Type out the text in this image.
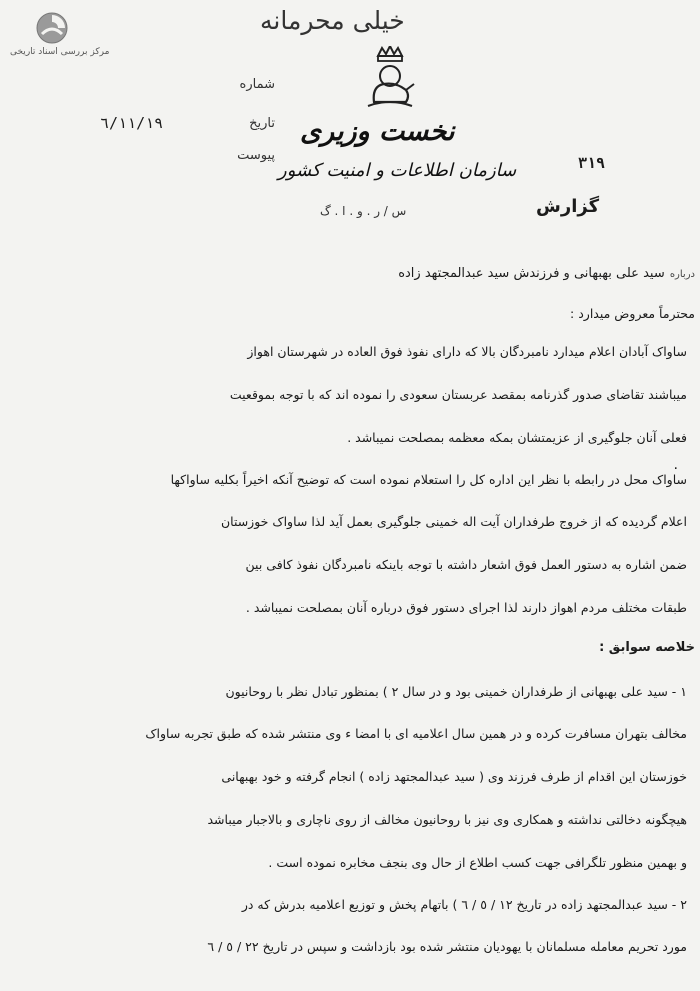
مرکز بررسی اسناد تاریخی
خیلی محرمانه
شماره
تاریخ
٦/١١/١٩
پیوست
نخست وزیری
سازمان اطلاعات و امنیت کشور
س / ر . و . ا . گ
٣١٩
گزارش
درباره سید علی بهبهانی و فرزندش سید عبدالمجتهد زاده
محترماً معروض میدارد :
ساواک آبادان اعلام میدارد نامبردگان بالا که دارای نفوذ فوق العاده در شهرستان اهواز
میباشند تقاضای صدور گذرنامه بمقصد عربستان سعودی را نموده اند که با توجه بموقعیت
فعلی آنان جلوگیری از عزیمتشان بمکه معظمه بمصلحت نمیباشد .
٠
ساواک محل در رابطه با نظر این اداره کل را استعلام نموده است که توضیح آنکه اخیراً بکلیه ساواکها
اعلام گردیده که از خروج طرفداران آیت اله خمینی جلوگیری بعمل آید لذا ساواک خوزستان
ضمن اشاره به دستور العمل فوق اشعار داشته با توجه باینکه نامبردگان نفوذ کافی بین
طبقات مختلف مردم اهواز دارند لذا اجرای دستور فوق درباره آنان بمصلحت نمیباشد .
خلاصه سوابق :
١ - سید علی بهبهانی از طرفداران خمینی بود و در سال ٢ ) بمنظور تبادل نظر با روحانیون
مخالف بتهران مسافرت کرده و در همین سال اعلامیه ای با امضا ء وی منتشر شده که طبق تجربه ساواک
خوزستان این اقدام از طرف فرزند وی ( سید عبدالمجتهد زاده ) انجام گرفته و خود بهبهانی
هیچگونه دخالتی نداشته و همکاری وی نیز با روحانیون مخالف از روی ناچاری و بالاجبار میباشد
و بهمین منظور تلگرافی جهت کسب اطلاع از حال وی بنجف مخابره نموده است .
٢ - سید عبدالمجتهد زاده در تاریخ ١٢ / ٥ / ٦ ) باتهام پخش و توزیع اعلامیه بدرش که در
مورد تحریم معامله مسلمانان با یهودیان منتشر شده بود بازداشت و سپس در تاریخ ٢٢ / ٥ / ٦
